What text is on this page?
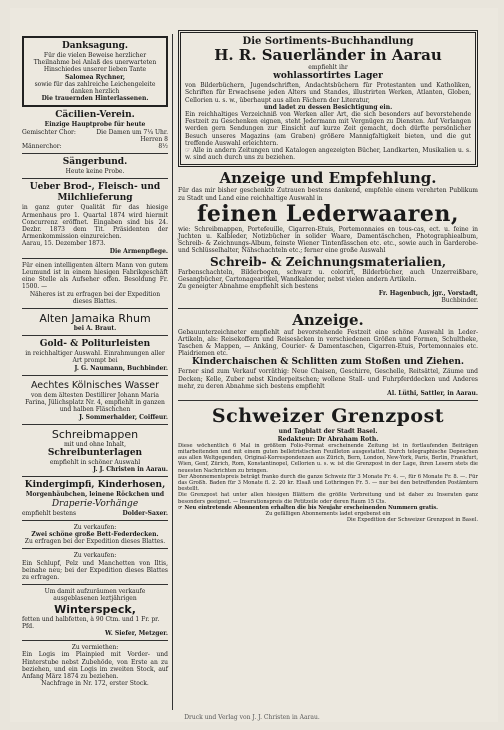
Danksagung.
Für die vielen Beweise herzlicher Theilnahme bei Anlaß des unerwarteten Hinschiedes unserer lieben Tante
Salomea Rychner,
sowie für das zahlreiche Leichengeleite danken herzlich
Die trauernden Hinterlassenen.
Cäcilien-Verein.
Einzige Hauptprobe für heute
Gemischter Chor:	Die Damen um 7¼ Uhr.
Herren 8
Männerchor:	8½
Sängerbund.
Heute keine Probe.
Ueber Brod-, Fleisch- und Milchlieferung
in ganz guter Qualität für das hiesige Armenhaus pro 1. Quartal 1874 wird hiermit Concurrenz eröffnet. Eingaben sind bis 24. Dezbr. 1873 dem Tit. Präsidenten der Armenkommission einzureichen.
Aarau, 15. Dezember 1873.
Die Armenpflege.
Für einen intelligenten ältern Mann von gutem Leumund ist in einem hiesigen Fabrikgeschäft eine Stelle als Aufseher offen. Besoldung Fr. 1500. —
Näheres ist zu erfragen bei der Expedition dieses Blattes.
Alten Jamaika Rhum
bei A. Braut.
Gold- & Politurleisten
in reichhaltiger Auswahl. Einrahmungen aller Art prompt bei
J. G. Naumann, Buchbinder.
Aechtes Kölnisches Wasser
von dem ältesten Destillirer Johann Maria Farina, Jülichsplatz Nr. 4, empfiehlt in ganzen und halben Fläschchen
J. Sommerhalder, Coiffeur.
Schreibmappen
mit und ohne Inhalt,
Schreibunterlagen
empfiehlt in schöner Auswahl
J. J. Christen in Aarau.
Kindergimpfi, Kinderhosen,
Morgenhäubchen, leinene Röckchen und
Draperie-Vorhänge
empfiehlt bestens	Dolder-Saxer.
Zu verkaufen:
Zwei schöne große Bett-Federdecken.
Zu erfragen bei der Expedition dieses Blattes.
Zu verkaufen:
Ein Schlupf, Pelz und Manchetten von Iltis, beinahe neu; bei der Expedition dieses Blattes zu erfragen.
Um damit aufzuräumen verkaufe ausgeblasenen leztjährigen
Winterspeck,
fetten und halbfetten, à 90 Ctm. und 1 Fr. pr. Pfd.
W. Siefer, Metzger.
Zu vermiethen:
Ein Logis im Plainpied mit Vorder- und Hinterstube nebst Zubehöde, von Erste an zu beziehen, und ein Logis im zweiten Stock, auf Anfang März 1874 zu beziehen.
Nachfrage in Nr. 172, erster Stock.
Die Sortiments-Buchhandlung
H. R. Sauerländer in Aarau
empfiehlt ihr
wohlassortirtes Lager
von Bilderbüchern, Jugendschriften, Andachtsbüchern für Protestanten und Katholiken, Schriften für Erwachsene jeden Alters und Standes, illustrirten Werken, Atlanten, Globen, Cellorien u. s. w., überhaupt aus allen Fächern der Literatur,
und ladet zu dessen Besichtigung ein.
Ein reichhaltiges Verzeichniß von Werken aller Art, die sich besonders auf bevorstehende Festzeit zu Geschenken eignen, steht Jedermann mit Vergnügen zu Diensten. Auf Verlangen werden gern Sendungen zur Einsicht auf kurze Zeit gemacht, doch dürfte persönlicher Besuch unseres Magazins (am Graben) größere Mannigfaltigkeit bieten, und die gut treffende Auswahl erleichtern.
☞ Alle in andern Zeitungen und Katalogen angezeigten Bücher, Landkarten, Musikalien u. s. w. sind auch durch uns zu beziehen.
Anzeige und Empfehlung.
Für das mir bisher geschenkte Zutrauen bestens dankend, empfehle einem verehrten Publikum zu Stadt und Land eine reichhaltige Auswahl in
feinen Lederwaaren,
wie: Schreibmappen, Portefeuille, Cigarren-Etuis, Portemonnaies en tous-cas, ect. u. feine in Juchten u. Kalbleder, Notizbücher in solider Waare, Damentäschchen, Photographiealbum, Schreib- & Zeichnungs-Album, feinste Wiener Tintenfässchen etc. etc., sowie auch in Garderobe- und Schlüsselhalter, Nähschachteln etc.; ferner eine große Auswahl
Schreib- & Zeichnungsmaterialien,
Farbenschachteln, Bilderbogen, schwarz u. colorirt, Bilderbücher, auch Unzerreißbare, Gesangbücher, Cartonagearitkel, Wandkalender, nebst vielen andern Artikeln.
Zu geneigter Abnahme empfiehlt sich bestens
Fr. Hagenbuch, jgr., Vorstadt,
Buchbinder.
Anzeige.
Gebauunterzeichneter empfiehlt auf bevorstehende Festzeit eine schöne Auswahl in Leder-Artikeln, als: Reisekoffern und Reisesäcken in verschiedenen Größen und Formen, Schultheke, Taschen & Mappen, — Ankäng, Courier- & Damentaschen, Cigarren-Etuis, Portemonnaies etc. Plaidriemen etc.
Kinderchaischen & Schlitten zum Stoßen und Ziehen.
Ferner sind zum Verkauf vorräthig: Neue Chaisen, Geschirre, Geschelle, Reitsättel, Zäume und Decken; Kelle, Zuber nebst Kinderpeitschen; wollene Stall- und Fuhrpferddecken und Anderes mehr, zu deren Abnahme sich bestens empfiehlt
Al. Lüthi, Sattler, in Aarau.
Schweizer Grenzpost
und Tagblatt der Stadt Basel.
Redakteur: Dr Abraham Roth.
Diese wöchentlich 6 Mal in größtem Folio-Format erscheinende Zeitung ist in fortlaufenden Beiträgen mitarbeitenden und mit einem guten belletristischen Feuilleton ausgestattet. Durch telegraphische Depeschen aus allen Weltgegenden, Original-Korrespondenzen aus Zürich, Bern, London, New-York, Paris, Berlin, Frankfurt, Wien, Genf, Zürich, Rom, Konstantinopel, Cellorien u. s. w. ist die Grenzpost in der Lage, ihren Lesern stets die neuesten Nachrichten zu bringen.
Der Abonnementspreis beträgt franko durch die ganze Schweiz für 3 Monate Fr. 4. —, für 6 Monate Fr. 8. —. Für das Großh. Baden für 3 Monate fl. 2. 20 kr. Elsaß und Lothringen Fr. 5. — nur bei den betreffenden Postämtern bestellt.
Die Grenzpost hat unter allen hiesigen Blättern die größte Verbreitung und ist daher zu Inseraten ganz besonders geeignet. — Inserationspreis die Petitzeile oder deren Raum 15 Cts.
☞ Neu eintretende Abonnenten erhalten die bis Neujahr erscheinenden Nummern gratis.
Zu gefälligen Abonnements ladet ergebenst ein
Die Expedition der Schweizer Grenzpost in Basel.
Druck und Verlag von J. J. Christen in Aarau.
